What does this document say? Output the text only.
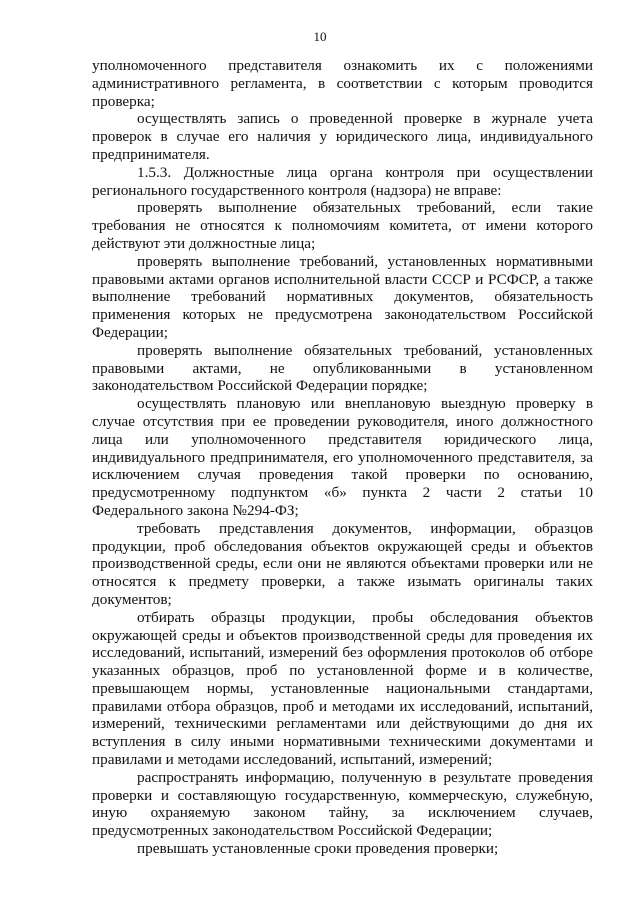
10

уполномоченного представителя ознакомить их с положениями административного регламента, в соответствии с которым проводится проверка;

осуществлять запись о проведенной проверке в журнале учета проверок в случае его наличия у юридического лица, индивидуального предпринимателя.

1.5.3. Должностные лица органа контроля при осуществлении регионального государственного контроля (надзора) не вправе:

проверять выполнение обязательных требований, если такие требования не относятся к полномочиям комитета, от имени которого действуют эти должностные лица;

проверять выполнение требований, установленных нормативными правовыми актами органов исполнительной власти СССР и РСФСР, а также выполнение требований нормативных документов, обязательность применения которых не предусмотрена законодательством Российской Федерации;

проверять выполнение обязательных требований, установленных правовыми актами, не опубликованными в установленном законодательством Российской Федерации порядке;

осуществлять плановую или внеплановую выездную проверку в случае отсутствия при ее проведении руководителя, иного должностного лица или уполномоченного представителя юридического лица, индивидуального предпринимателя, его уполномоченного представителя, за исключением случая проведения такой проверки по основанию, предусмотренному подпунктом «б» пункта 2 части 2 статьи 10 Федерального закона №294-ФЗ;

требовать представления документов, информации, образцов продукции, проб обследования объектов окружающей среды и объектов производственной среды, если они не являются объектами проверки или не относятся к предмету проверки, а также изымать оригиналы таких документов;

отбирать образцы продукции, пробы обследования объектов окружающей среды и объектов производственной среды для проведения их исследований, испытаний, измерений без оформления протоколов об отборе указанных образцов, проб по установленной форме и в количестве, превышающем нормы, установленные национальными стандартами, правилами отбора образцов, проб и методами их исследований, испытаний, измерений, техническими регламентами или действующими до дня их вступления в силу иными нормативными техническими документами и правилами и методами исследований, испытаний, измерений;

распространять информацию, полученную в результате проведения проверки и составляющую государственную, коммерческую, служебную, иную охраняемую законом тайну, за исключением случаев, предусмотренных законодательством Российской Федерации;

превышать установленные сроки проведения проверки;
